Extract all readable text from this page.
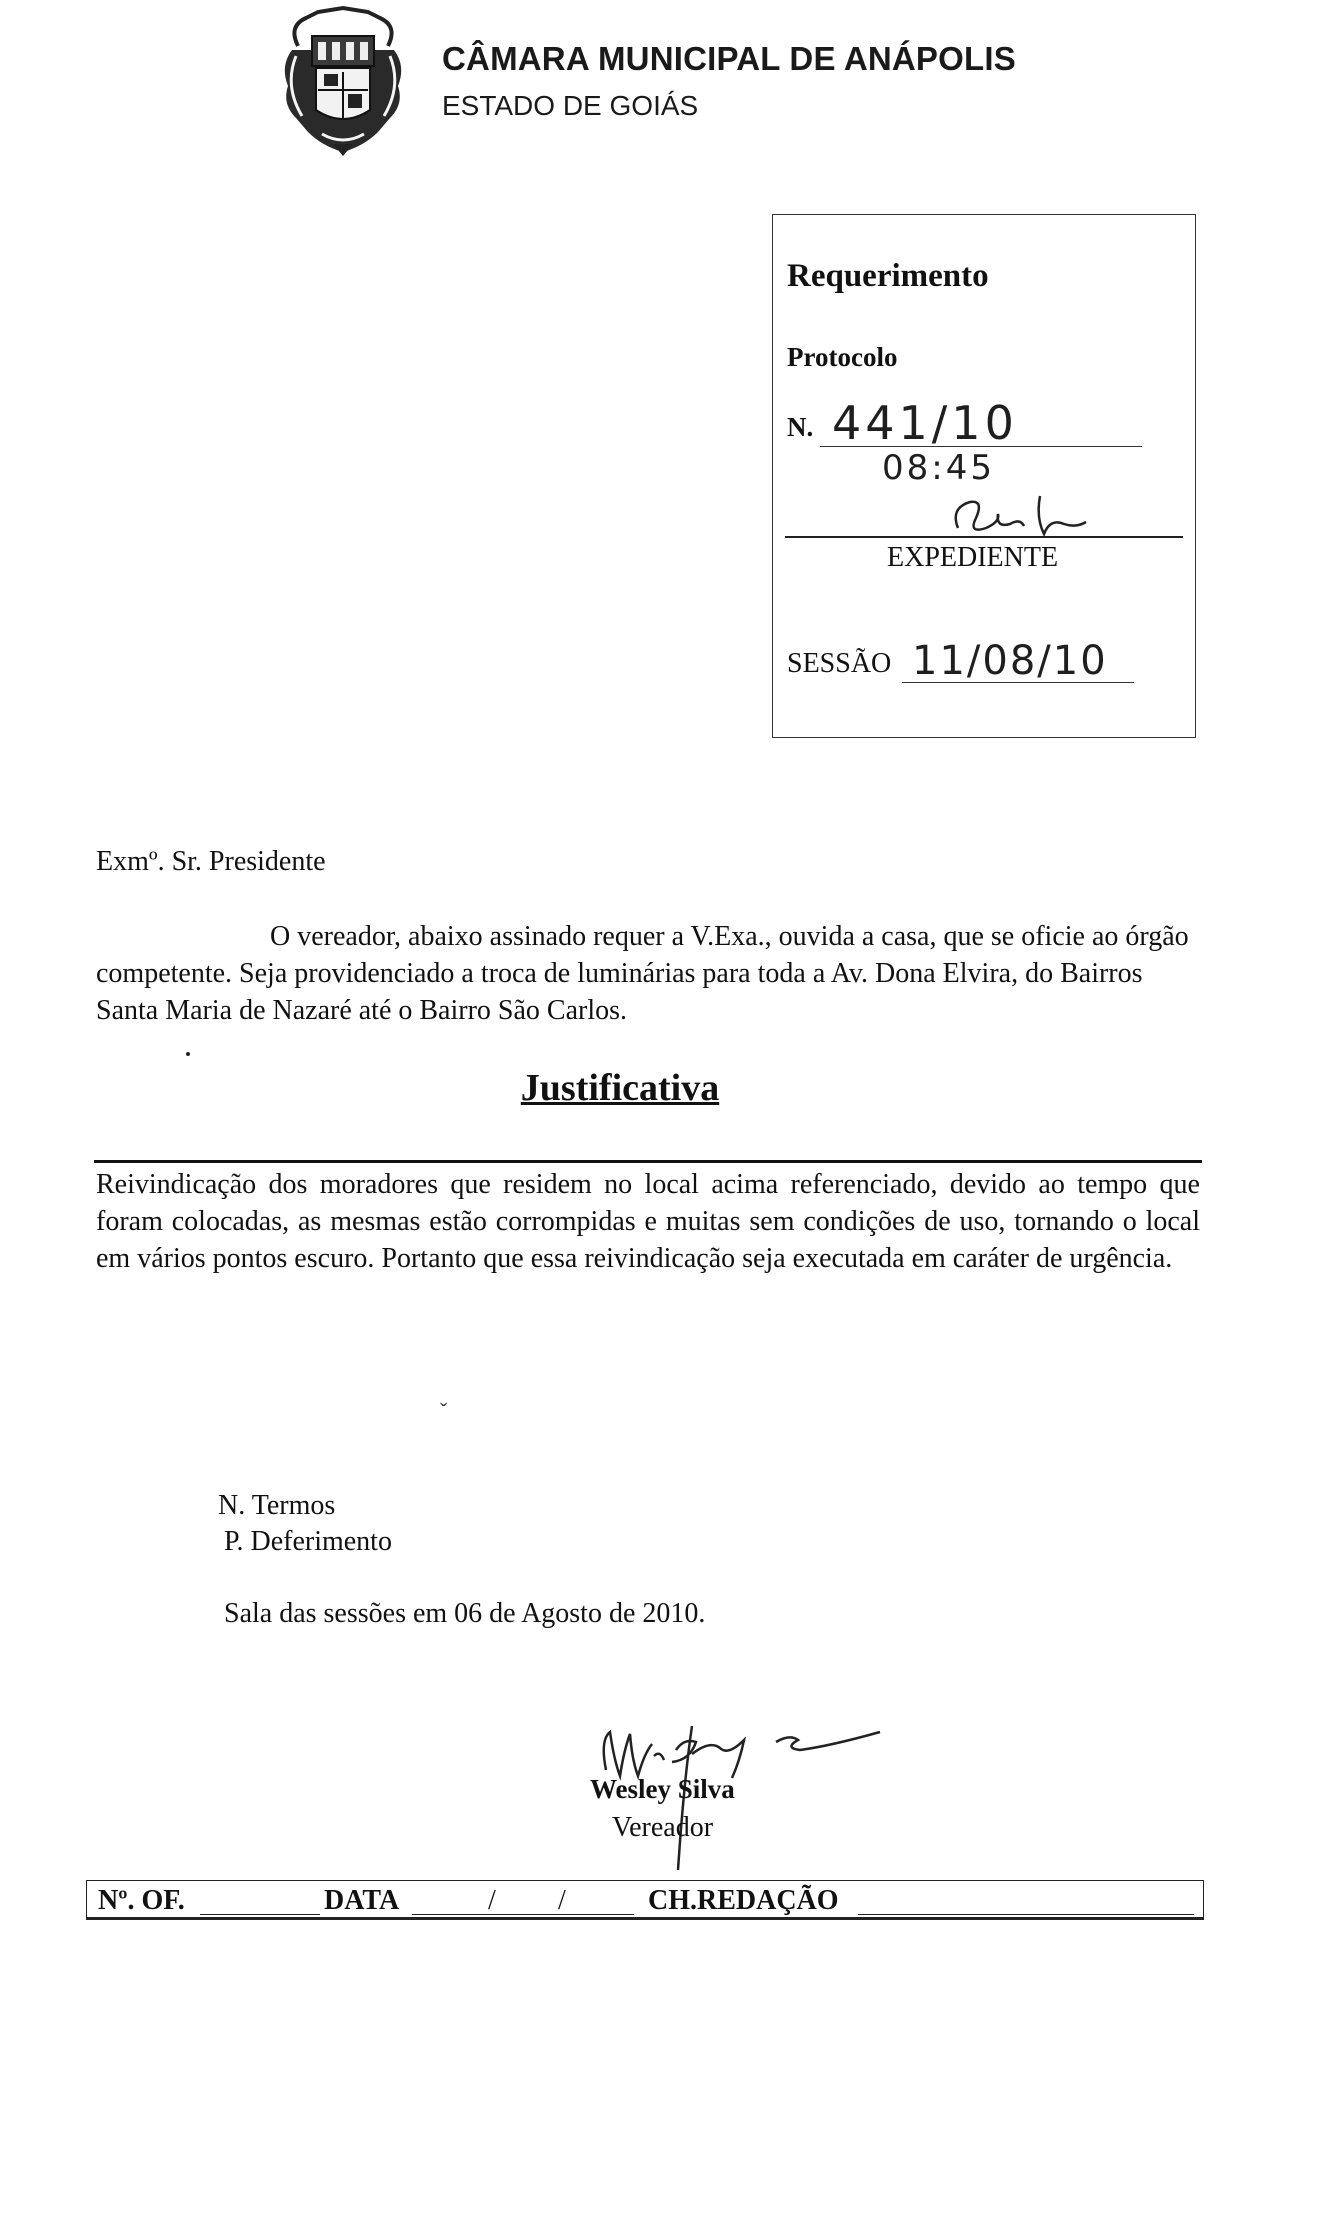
CÂMARA MUNICIPAL DE ANÁPOLIS
ESTADO DE GOIÁS
Requerimento
Protocolo
N. 441/10
08:45
EXPEDIENTE
SESSÃO 11/08/10
Exmº. Sr. Presidente
O vereador, abaixo assinado requer a V.Exa., ouvida a casa, que se oficie ao órgão competente. Seja providenciado a troca de luminárias para toda a Av. Dona Elvira, do Bairros Santa Maria de Nazaré até o Bairro São Carlos.
Justificativa
Reivindicação dos moradores que residem no local acima referenciado, devido ao tempo que foram colocadas, as mesmas estão corrompidas e muitas sem condições de uso, tornando o local em vários pontos escuro. Portanto que essa reivindicação seja executada em caráter de urgência.
ˇ
N. Termos
P. Deferimento
Sala das sessões em 06 de Agosto de 2010.
Wesley Silva
Vereador
Nº. OF.	DATA	/ /	CH.REDAÇÃO
